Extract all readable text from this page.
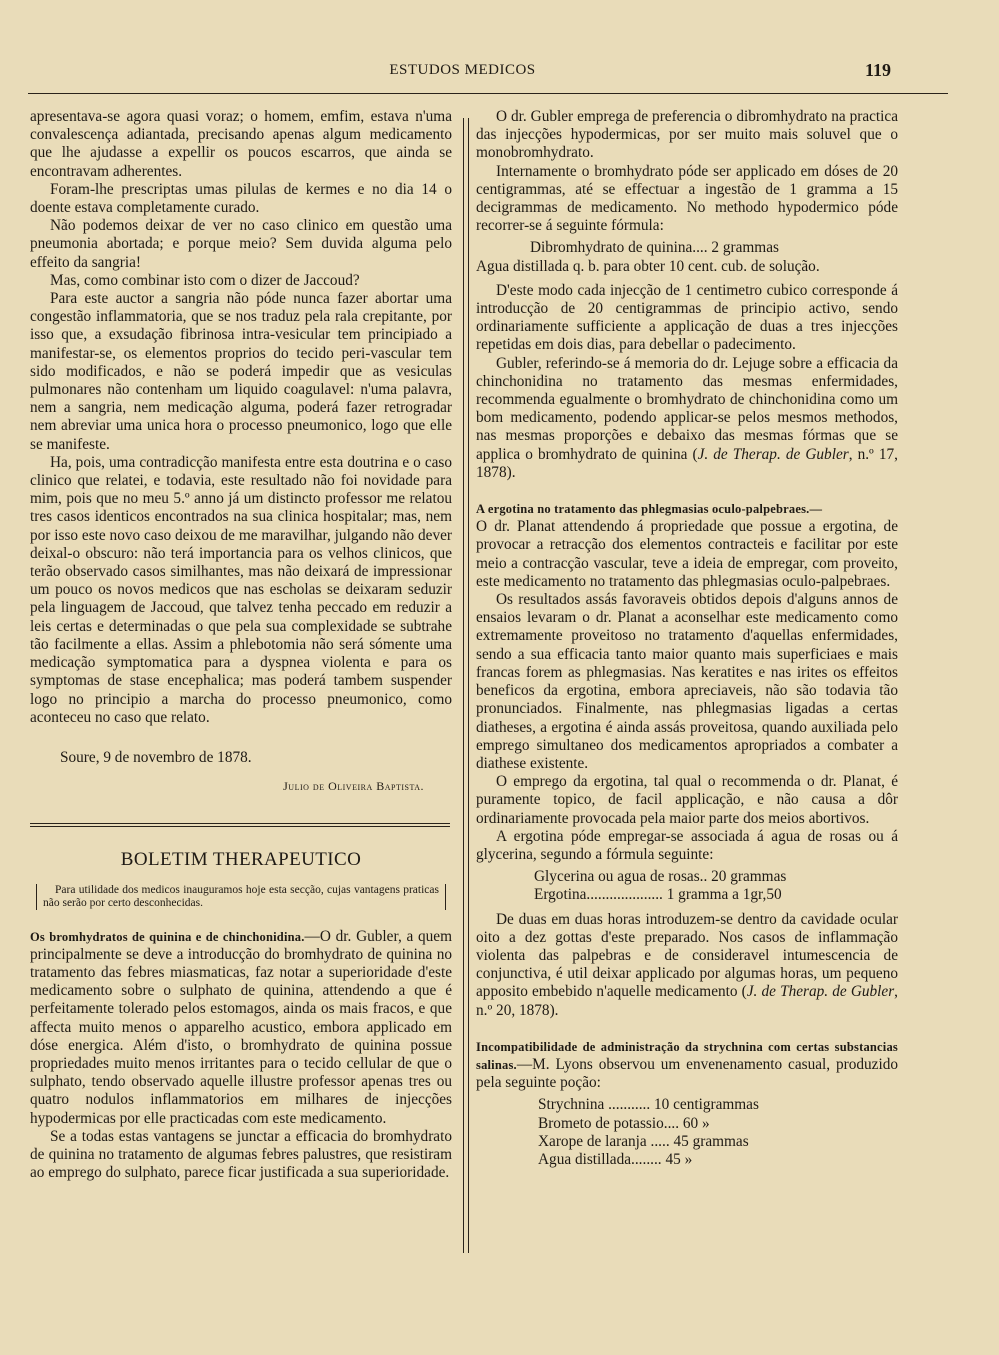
ESTUDOS MEDICOS	119

apresentava-se agora quasi voraz; o homem, emfim, estava n'uma convalescença adiantada, precisando apenas algum medicamento que lhe ajudasse a expellir os poucos escarros, que ainda se encontravam adherentes.

Foram-lhe prescriptas umas pilulas de kermes e no dia 14 o doente estava completamente curado.

Não podemos deixar de ver no caso clinico em questão uma pneumonia abortada; e porque meio? Sem duvida alguma pelo effeito da sangria!

Mas, como combinar isto com o dizer de Jaccoud?

Para este auctor a sangria não póde nunca fazer abortar uma congestão inflammatoria, que se nos traduz pela rala crepitante, por isso que, a exsudação fibrinosa intra-vesicular tem principiado a manifestar-se, os elementos proprios do tecido peri-vascular tem sido modificados, e não se poderá impedir que as vesiculas pulmonares não contenham um liquido coagulavel: n'uma palavra, nem a sangria, nem medicação alguma, poderá fazer retrogradar nem abreviar uma unica hora o processo pneumonico, logo que elle se manifeste.

Ha, pois, uma contradicção manifesta entre esta doutrina e o caso clinico que relatei, e todavia, este resultado não foi novidade para mim, pois que no meu 5.º anno já um distincto professor me relatou tres casos identicos encontrados na sua clinica hospitalar; mas, nem por isso este novo caso deixou de me maravilhar, julgando não dever deixal-o obscuro: não terá importancia para os velhos clinicos, que terão observado casos similhantes, mas não deixará de impressionar um pouco os novos medicos que nas escholas se deixaram seduzir pela linguagem de Jaccoud, que talvez tenha peccado em reduzir a leis certas e determinadas o que pela sua complexidade se subtrahe tão facilmente a ellas. Assim a phlebotomia não será sómente uma medicação symptomatica para a dyspnea violenta e para os symptomas de stase encephalica; mas poderá tambem suspender logo no principio a marcha do processo pneumonico, como aconteceu no caso que relato.

Soure, 9 de novembro de 1878.

Julio de Oliveira Baptista.
BOLETIM THERAPEUTICO

Para utilidade dos medicos inauguramos hoje esta secção, cujas vantagens praticas não serão por certo desconhecidas.

Os bromhydratos de quinina e de chinchonidina.—O dr. Gubler, a quem principalmente se deve a introducção do bromhydrato de quinina no tratamento das febres miasmaticas, faz notar a superioridade d'este medicamento sobre o sulphato de quinina, attendendo a que é perfeitamente tolerado pelos estomagos, ainda os mais fracos, e que affecta muito menos o apparelho acustico, embora applicado em dóse energica. Além d'isto, o bromhydrato de quinina possue propriedades muito menos irritantes para o tecido cellular de que o sulphato, tendo observado aquelle illustre professor apenas tres ou quatro nodulos inflammatorios em milhares de injecções hypodermicas por elle practicadas com este medicamento.

Se a todas estas vantagens se junctar a efficacia do bromhydrato de quinina no tratamento de algumas febres palustres, que resistiram ao emprego do sulphato, parece ficar justificada a sua superioridade.

O dr. Gubler emprega de preferencia o dibromhydrato na practica das injecções hypodermicas, por ser muito mais soluvel que o monobromhydrato.

Internamente o bromhydrato póde ser applicado em dóses de 20 centigrammas, até se effectuar a ingestão de 1 gramma a 15 decigrammas de medicamento. No methodo hypodermico póde recorrer-se á seguinte fórmula:

Dibromhydrato de quinina.... 2 grammas
Agua distillada q. b. para obter 10 cent. cub. de solução.

D'este modo cada injecção de 1 centimetro cubico corresponde á introducção de 20 centigrammas de principio activo, sendo ordinariamente sufficiente a applicação de duas a tres injecções repetidas em dois dias, para debellar o padecimento.

Gubler, referindo-se á memoria do dr. Lejuge sobre a efficacia da chinchonidina no tratamento das mesmas enfermidades, recommenda egualmente o bromhydrato de chinchonidina como um bom medicamento, podendo applicar-se pelos mesmos methodos, nas mesmas proporções e debaixo das mesmas fórmas que se applica o bromhydrato de quinina (J. de Therap. de Gubler, n.º 17, 1878).

A ergotina no tratamento das phlegmasias oculo-palpebraes.—

O dr. Planat attendendo á propriedade que possue a ergotina, de provocar a retracção dos elementos contracteis e facilitar por este meio a contracção vascular, teve a ideia de empregar, com proveito, este medicamento no tratamento das phlegmasias oculo-palpebraes.

Os resultados assás favoraveis obtidos depois d'alguns annos de ensaios levaram o dr. Planat a aconselhar este medicamento como extremamente proveitoso no tratamento d'aquellas enfermidades, sendo a sua efficacia tanto maior quanto mais superficiaes e mais francas forem as phlegmasias. Nas keratites e nas irites os effeitos beneficos da ergotina, embora apreciaveis, não são todavia tão pronunciados. Finalmente, nas phlegmasias ligadas a certas diatheses, a ergotina é ainda assás proveitosa, quando auxiliada pelo emprego simultaneo dos medicamentos apropriados a combater a diathese existente.

O emprego da ergotina, tal qual o recommenda o dr. Planat, é puramente topico, de facil applicação, e não causa a dôr ordinariamente provocada pela maior parte dos meios abortivos.

A ergotina póde empregar-se associada á agua de rosas ou á glycerina, segundo a fórmula seguinte:

Glycerina ou agua de rosas.. 20 grammas
Ergotina.................... 1 gramma a 1gr,50

De duas em duas horas introduzem-se dentro da cavidade ocular oito a dez gottas d'este preparado. Nos casos de inflammação violenta das palpebras e de consideravel intumescencia de conjunctiva, é util deixar applicado por algumas horas, um pequeno apposito embebido n'aquelle medicamento (J. de Therap. de Gubler, n.º 20, 1878).

Incompatibilidade de administração da strychnina com certas substancias salinas.—M. Lyons observou um envenenamento casual, produzido pela seguinte poção:

Strychnina ........... 10 centigrammas
Brometo de potassio.... 60 »
Xarope de laranja ..... 45 grammas
Agua distillada........ 45 »
